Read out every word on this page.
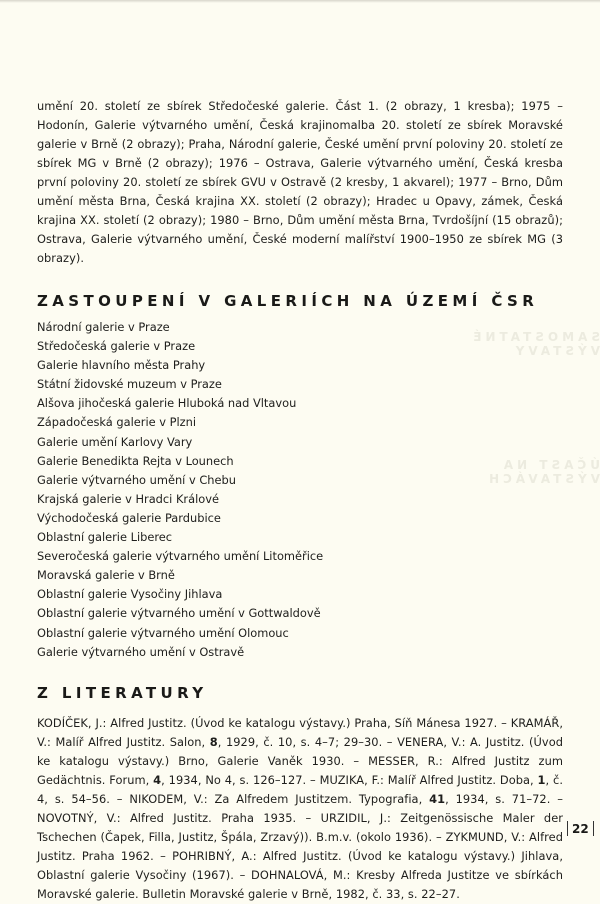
SAMOSTATNÉ VÝSTAVY
ÚČAST NA VÝSTAVÁCH

umění 20. století ze sbírek Středočeské galerie. Část 1. (2 obrazy, 1 kresba); 1975 – Hodonín, Galerie výtvarného umění, Česká krajinomalba 20. století ze sbírek Moravské galerie v Brně (2 obrazy); Praha, Národní galerie, České umění první poloviny 20. století ze sbírek MG v Brně (2 obrazy); 1976 – Ostrava, Galerie výtvarného umění, Česká kresba první poloviny 20. století ze sbírek GVU v Ostravě (2 kresby, 1 akvarel); 1977 – Brno, Dům umění města Brna, Česká krajina XX. století (2 obrazy); Hradec u Opavy, zámek, Česká krajina XX. století (2 obrazy); 1980 – Brno, Dům umění města Brna, Tvrdošíjní (15 obrazů); Ostrava, Galerie výtvarného umění, České moderní malířství 1900–1950 ze sbírek MG (3 obrazy).

ZASTOUPENÍ V GALERIÍCH NA ÚZEMÍ ČSR
Národní galerie v Praze
Středočeská galerie v Praze
Galerie hlavního města Prahy
Státní židovské muzeum v Praze
Alšova jihočeská galerie Hluboká nad Vltavou
Západočeská galerie v Plzni
Galerie umění Karlovy Vary
Galerie Benedikta Rejta v Lounech
Galerie výtvarného umění v Chebu
Krajská galerie v Hradci Králové
Východočeská galerie Pardubice
Oblastní galerie Liberec
Severočeská galerie výtvarného umění Litoměřice
Moravská galerie v Brně
Oblastní galerie Vysočiny Jihlava
Oblastní galerie výtvarného umění v Gottwaldově
Oblastní galerie výtvarného umění Olomouc
Galerie výtvarného umění v Ostravě
Z LITERATURY

KODÍČEK, J.: Alfred Justitz. (Úvod ke katalogu výstavy.) Praha, Síň Mánesa 1927. – KRAMÁŘ, V.: Malíř Alfred Justitz. Salon, 8, 1929, č. 10, s. 4–7; 29–30. – VENERA, V.: A. Justitz. (Úvod ke katalogu výstavy.) Brno, Galerie Vaněk 1930. – MESSER, R.: Alfred Justitz zum Gedächtnis. Forum, 4, 1934, No 4, s. 126–127. – MUZIKA, F.: Malíř Alfred Justitz. Doba, 1, č. 4, s. 54–56. – NIKODEM, V.: Za Alfredem Justitzem. Typografia, 41, 1934, s. 71–72. – NOVOTNÝ, V.: Alfred Justitz. Praha 1935. – URZIDIL, J.: Zeitgenössische Maler der Tschechen (Čapek, Filla, Justitz, Špála, Zrzavý)). B.m.v. (okolo 1936). – ZYKMUND, V.: Alfred Justitz. Praha 1962. – POHRIBNÝ, A.: Alfred Justitz. (Úvod ke katalogu výstavy.) Jihlava, Oblastní galerie Vysočiny (1967). – DOHNALOVÁ, M.: Kresby Alfreda Justitze ve sbírkách Moravské galerie. Bulletin Moravské galerie v Brně, 1982, č. 33, s. 22–27.

22
